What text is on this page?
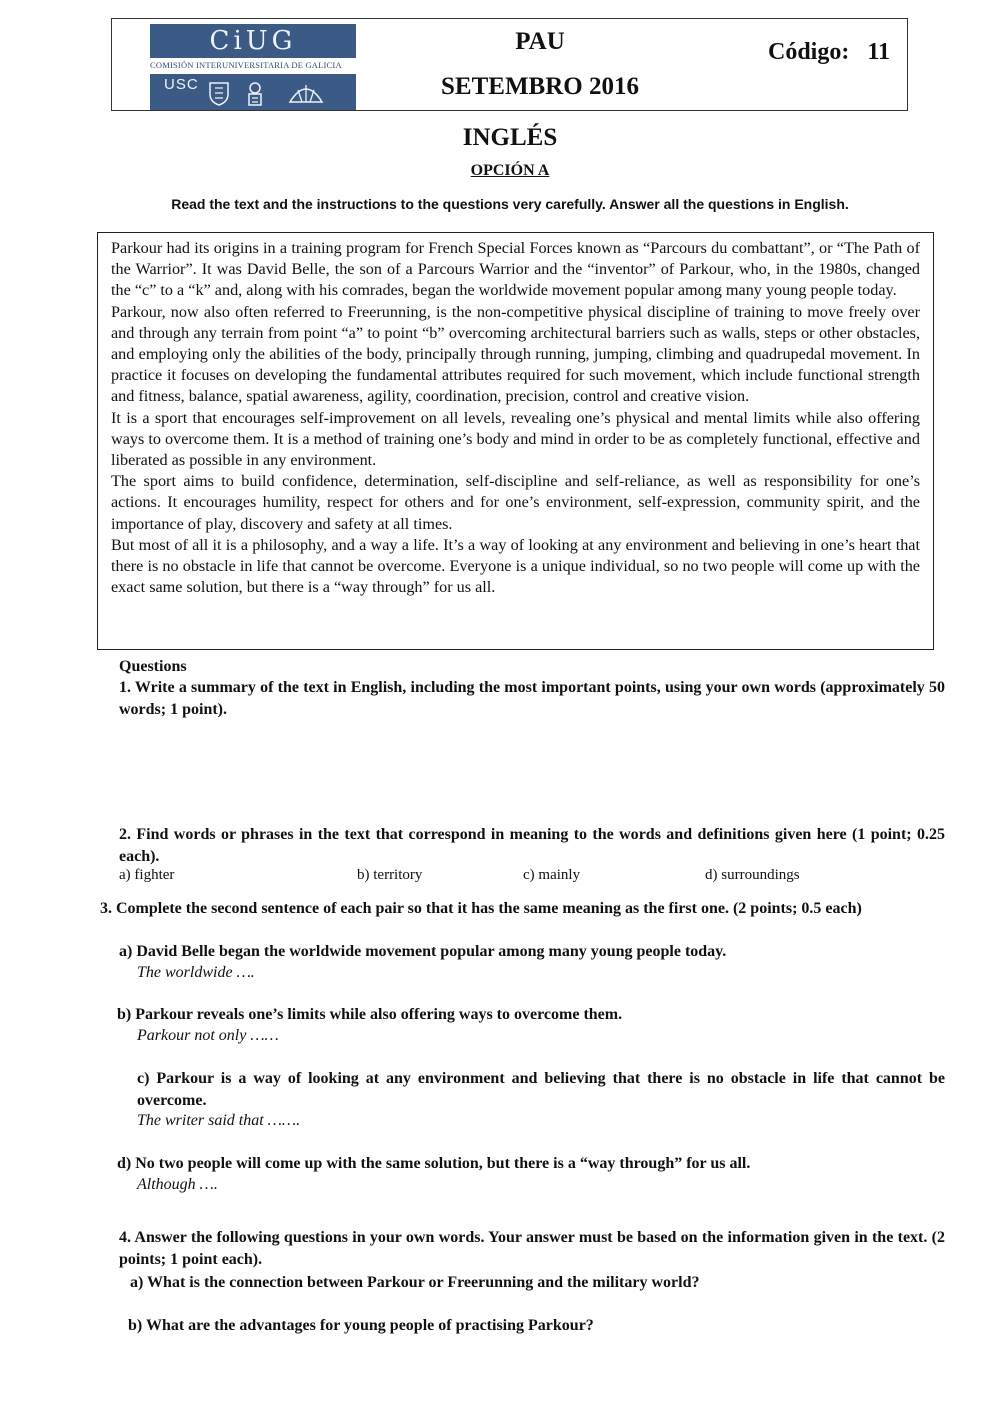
CiUG
COMISIÓN INTERUNIVERSITARIA DE GALICIA
USC
PAU
SETEMBRO 2016
Código: 11
INGLÉS
OPCIÓN A
Read the text and the instructions to the questions very carefully. Answer all the questions in English.

Parkour had its origins in a training program for French Special Forces known as “Parcours du combattant”, or “The Path of the Warrior”. It was David Belle, the son of a Parcours Warrior and the “inventor” of Parkour, who, in the 1980s, changed the “c” to a “k” and, along with his comrades, began the worldwide movement popular among many young people today.

Parkour, now also often referred to Freerunning, is the non-competitive physical discipline of training to move freely over and through any terrain from point “a” to point “b” overcoming architectural barriers such as walls, steps or other obstacles, and employing only the abilities of the body, principally through running, jumping, climbing and quadrupedal movement. In practice it focuses on developing the fundamental attributes required for such movement, which include functional strength and fitness, balance, spatial awareness, agility, coordination, precision, control and creative vision.

It is a sport that encourages self-improvement on all levels, revealing one’s physical and mental limits while also offering ways to overcome them. It is a method of training one’s body and mind in order to be as completely functional, effective and liberated as possible in any environment.

The sport aims to build confidence, determination, self-discipline and self-reliance, as well as responsibility for one’s actions. It encourages humility, respect for others and for one’s environment, self-expression, community spirit, and the importance of play, discovery and safety at all times.

But most of all it is a philosophy, and a way a life. It’s a way of looking at any environment and believing in one’s heart that there is no obstacle in life that cannot be overcome. Everyone is a unique individual, so no two people will come up with the exact same solution, but there is a “way through” for us all.

Questions
1. Write a summary of the text in English, including the most important points, using your own words (approximately 50 words; 1 point).
2. Find words or phrases in the text that correspond in meaning to the words and definitions given here (1 point; 0.25 each).
a) fighter	b) territory	c) mainly	d) surroundings
3. Complete the second sentence of each pair so that it has the same meaning as the first one. (2 points; 0.5 each)
a) David Belle began the worldwide movement popular among many young people today.
The worldwide ….
b) Parkour reveals one’s limits while also offering ways to overcome them.
Parkour not only ……
c) Parkour is a way of looking at any environment and believing that there is no obstacle in life that cannot be overcome.
The writer said that …….
d) No two people will come up with the same solution, but there is a “way through” for us all.
Although ….
4. Answer the following questions in your own words. Your answer must be based on the information given in the text. (2 points; 1 point each).
a) What is the connection between Parkour or Freerunning and the military world?
b) What are the advantages for young people of practising Parkour?
